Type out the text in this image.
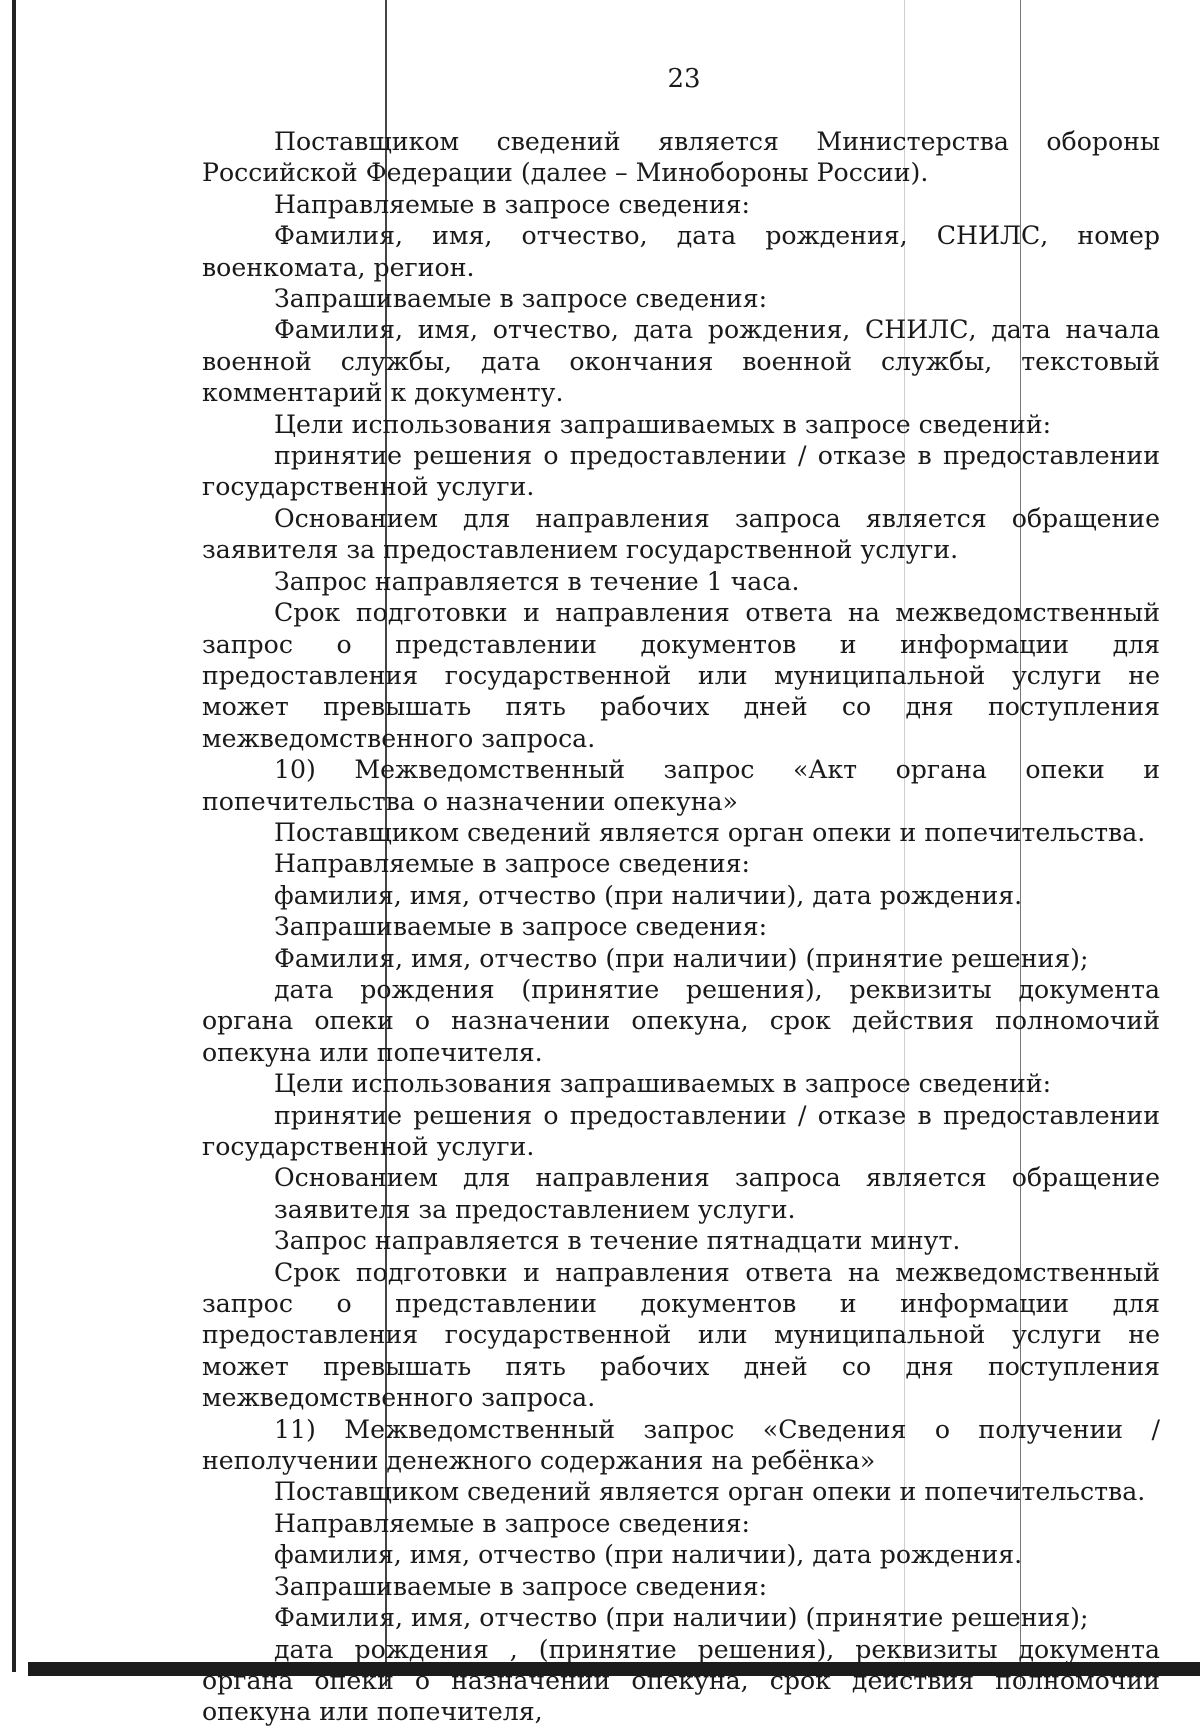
23

Поставщиком сведений является Министерства обороны Российской Федерации (далее – Минобороны России).

Направляемые в запросе сведения:

Фамилия, имя, отчество, дата рождения, СНИЛС, номер военкомата, регион.

Запрашиваемые в запросе сведения:

Фамилия, имя, отчество, дата рождения, СНИЛС, дата начала военной службы, дата окончания военной службы, текстовый комментарий к документу.

Цели использования запрашиваемых в запросе сведений:

принятие решения о предоставлении / отказе в предоставлении государственной услуги.

Основанием для направления запроса является обращение заявителя за предоставлением государственной услуги.

Запрос направляется в течение 1 часа.

Срок подготовки и направления ответа на межведомственный запрос о представлении документов и информации для предоставления государственной или муниципальной услуги не может превышать пять рабочих дней со дня поступления межведомственного запроса.

10) Межведомственный запрос «Акт органа опеки и попечительства о назначении опекуна»

Поставщиком сведений является орган опеки и попечительства.

Направляемые в запросе сведения:

фамилия, имя, отчество (при наличии), дата рождения.

Запрашиваемые в запросе сведения:

Фамилия, имя, отчество (при наличии) (принятие решения);

дата рождения (принятие решения), реквизиты документа органа опеки о назначении опекуна, срок действия полномочий опекуна или попечителя.

Цели использования запрашиваемых в запросе сведений:

принятие решения о предоставлении / отказе в предоставлении государственной услуги.

Основанием для направления запроса является обращение заявителя за предоставлением услуги.

Запрос направляется в течение пятнадцати минут.

Срок подготовки и направления ответа на межведомственный запрос о представлении документов и информации для предоставления государственной или муниципальной услуги не может превышать пять рабочих дней со дня поступления межведомственного запроса.

11) Межведомственный запрос «Сведения о получении /неполучении денежного содержания на ребёнка»

Поставщиком сведений является орган опеки и попечительства.

Направляемые в запросе сведения:

фамилия, имя, отчество (при наличии), дата рождения.

Запрашиваемые в запросе сведения:

Фамилия, имя, отчество (при наличии) (принятие решения);

дата рождения , (принятие решения), реквизиты документа органа опеки о назначении опекуна, срок действия полномочий опекуна или попечителя,
